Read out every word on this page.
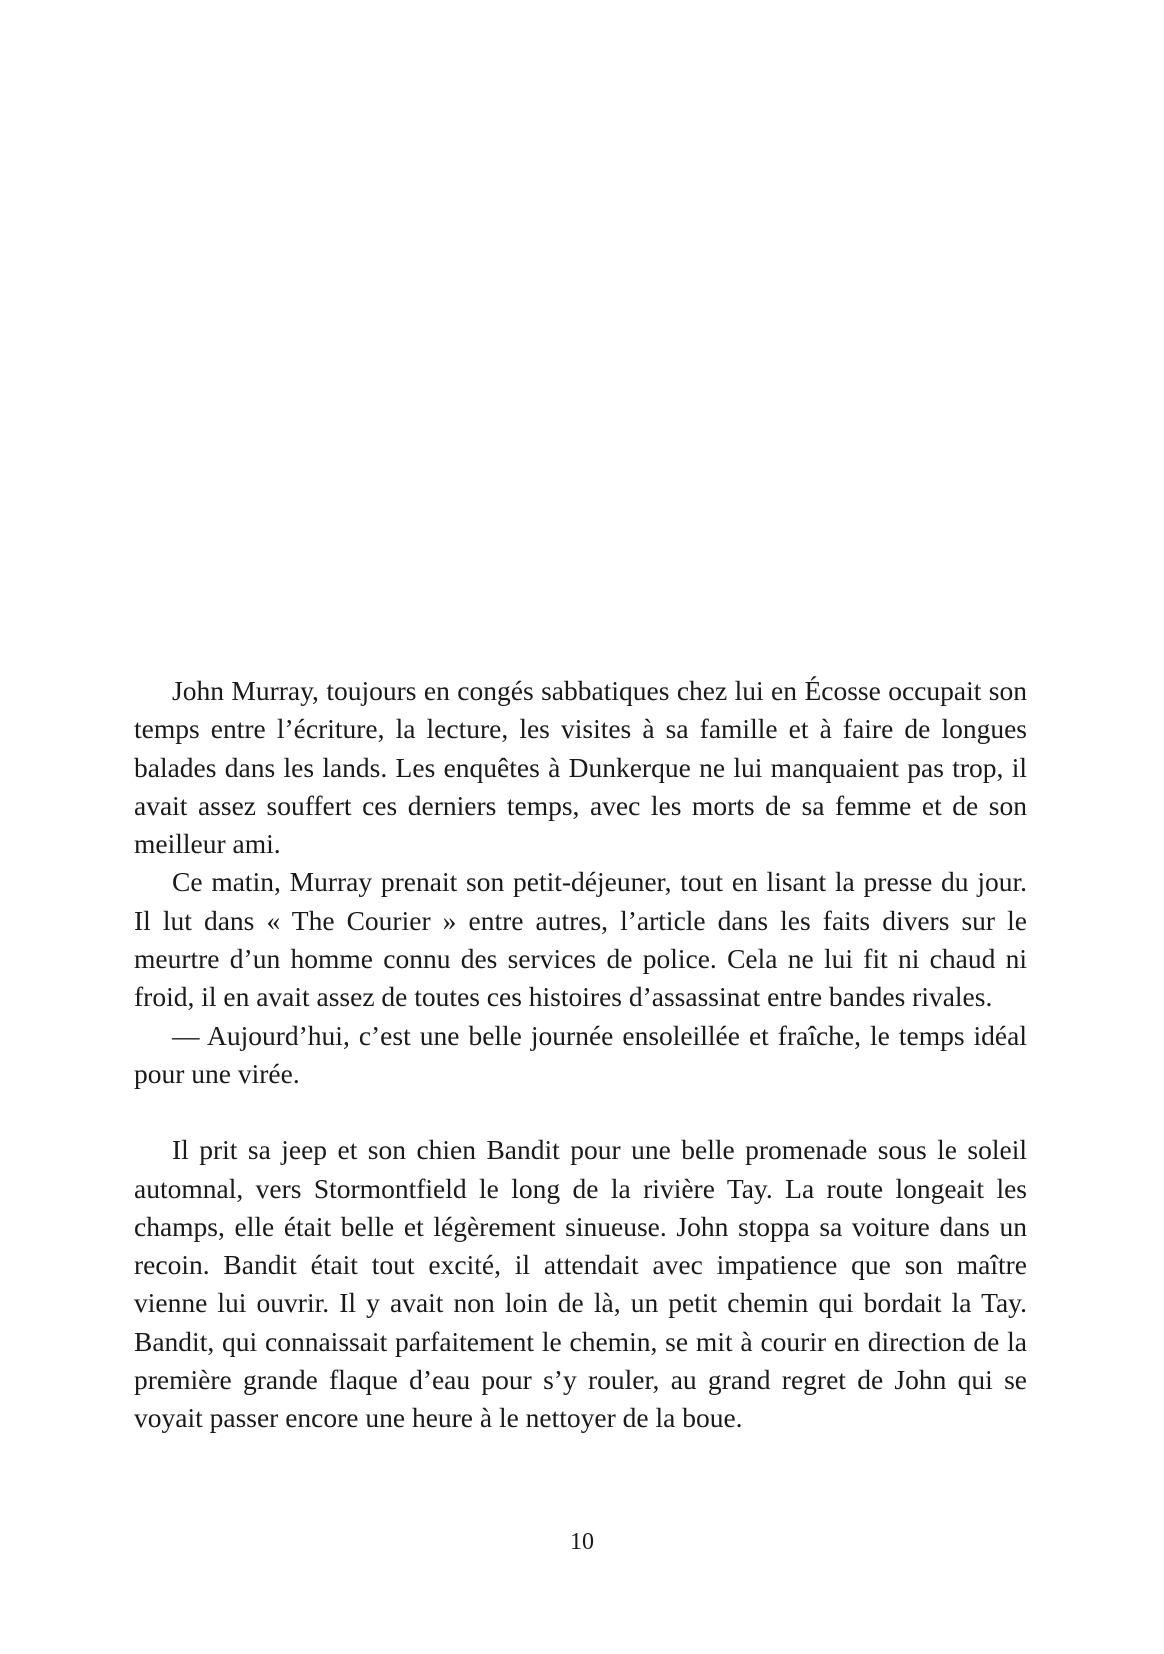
John Murray, toujours en congés sabbatiques chez lui en Écosse occupait son temps entre l’écriture, la lecture, les visites à sa famille et à faire de longues balades dans les lands. Les enquêtes à Dunkerque ne lui manquaient pas trop, il avait assez souffert ces derniers temps, avec les morts de sa femme et de son meilleur ami.

Ce matin, Murray prenait son petit-déjeuner, tout en lisant la presse du jour. Il lut dans « The Courier » entre autres, l’article dans les faits divers sur le meurtre d’un homme connu des services de police. Cela ne lui fit ni chaud ni froid, il en avait assez de toutes ces histoires d’assassinat entre bandes rivales.

— Aujourd’hui, c’est une belle journée ensoleillée et fraîche, le temps idéal pour une virée.

Il prit sa jeep et son chien Bandit pour une belle promenade sous le soleil automnal, vers Stormontfield le long de la rivière Tay. La route longeait les champs, elle était belle et légèrement sinueuse. John stoppa sa voiture dans un recoin. Bandit était tout excité, il attendait avec impatience que son maître vienne lui ouvrir. Il y avait non loin de là, un petit chemin qui bordait la Tay. Bandit, qui connaissait parfaitement le chemin, se mit à courir en direction de la première grande flaque d’eau pour s’y rouler, au grand regret de John qui se voyait passer encore une heure à le nettoyer de la boue.

10
